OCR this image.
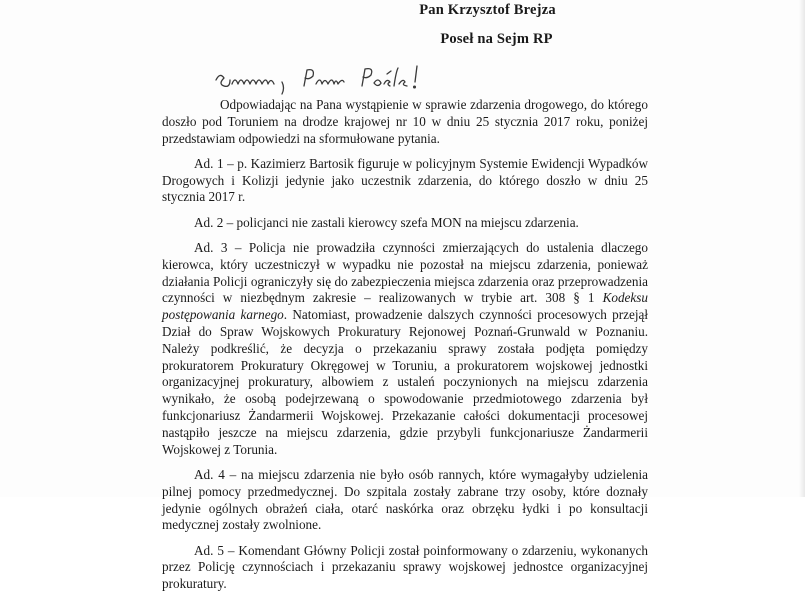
Pan Krzysztof Brejza
Poseł na Sejm RP

Odpowiadając na Pana wystąpienie w sprawie zdarzenia drogowego, do którego doszło pod Toruniem na drodze krajowej nr 10 w dniu 25 stycznia 2017 roku, poniżej przedstawiam odpowiedzi na sformułowane pytania.

Ad. 1 – p. Kazimierz Bartosik figuruje w policyjnym Systemie Ewidencji Wypadków Drogowych i Kolizji jedynie jako uczestnik zdarzenia, do którego doszło w dniu 25 stycznia 2017 r.

Ad. 2 – policjanci nie zastali kierowcy szefa MON na miejscu zdarzenia.

Ad. 3 – Policja nie prowadziła czynności zmierzających do ustalenia dlaczego kierowca, który uczestniczył w wypadku nie pozostał na miejscu zdarzenia, ponieważ działania Policji ograniczyły się do zabezpieczenia miejsca zdarzenia oraz przeprowadzenia czynności w niezbędnym zakresie – realizowanych w trybie art. 308 § 1 Kodeksu postępowania karnego. Natomiast, prowadzenie dalszych czynności procesowych przejął Dział do Spraw Wojskowych Prokuratury Rejonowej Poznań-Grunwald w Poznaniu. Należy podkreślić, że decyzja o przekazaniu sprawy została podjęta pomiędzy prokuratorem Prokuratury Okręgowej w Toruniu, a prokuratorem wojskowej jednostki organizacyjnej prokuratury, albowiem z ustaleń poczynionych na miejscu zdarzenia wynikało, że osobą podejrzewaną o spowodowanie przedmiotowego zdarzenia był funkcjonariusz Żandarmerii Wojskowej. Przekazanie całości dokumentacji procesowej nastąpiło jeszcze na miejscu zdarzenia, gdzie przybyli funkcjonariusze Żandarmerii Wojskowej z Torunia.

Ad. 4 – na miejscu zdarzenia nie było osób rannych, które wymagałyby udzielenia pilnej pomocy przedmedycznej. Do szpitala zostały zabrane trzy osoby, które doznały jedynie ogólnych obrażeń ciała, otarć naskórka oraz obrzęku łydki i po konsultacji medycznej zostały zwolnione.

Ad. 5 – Komendant Główny Policji został poinformowany o zdarzeniu, wykonanych przez Policję czynnościach i przekazaniu sprawy wojskowej jednostce organizacyjnej prokuratury.
